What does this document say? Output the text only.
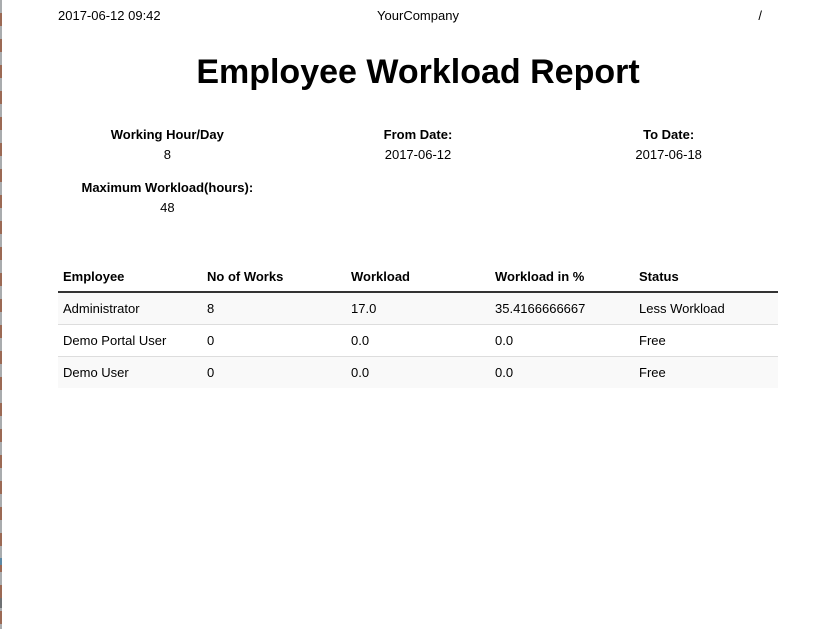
2017-06-12 09:42	YourCompany	/
Employee Workload Report
Working Hour/Day
8
Maximum Workload(hours):
48
From Date:
2017-06-12
To Date:
2017-06-18
Employee	No of Works	Workload	Workload in %	Status
Administrator	8	17.0	35.4166666667	Less Workload
Demo Portal User	0	0.0	0.0	Free
Demo User	0	0.0	0.0	Free
